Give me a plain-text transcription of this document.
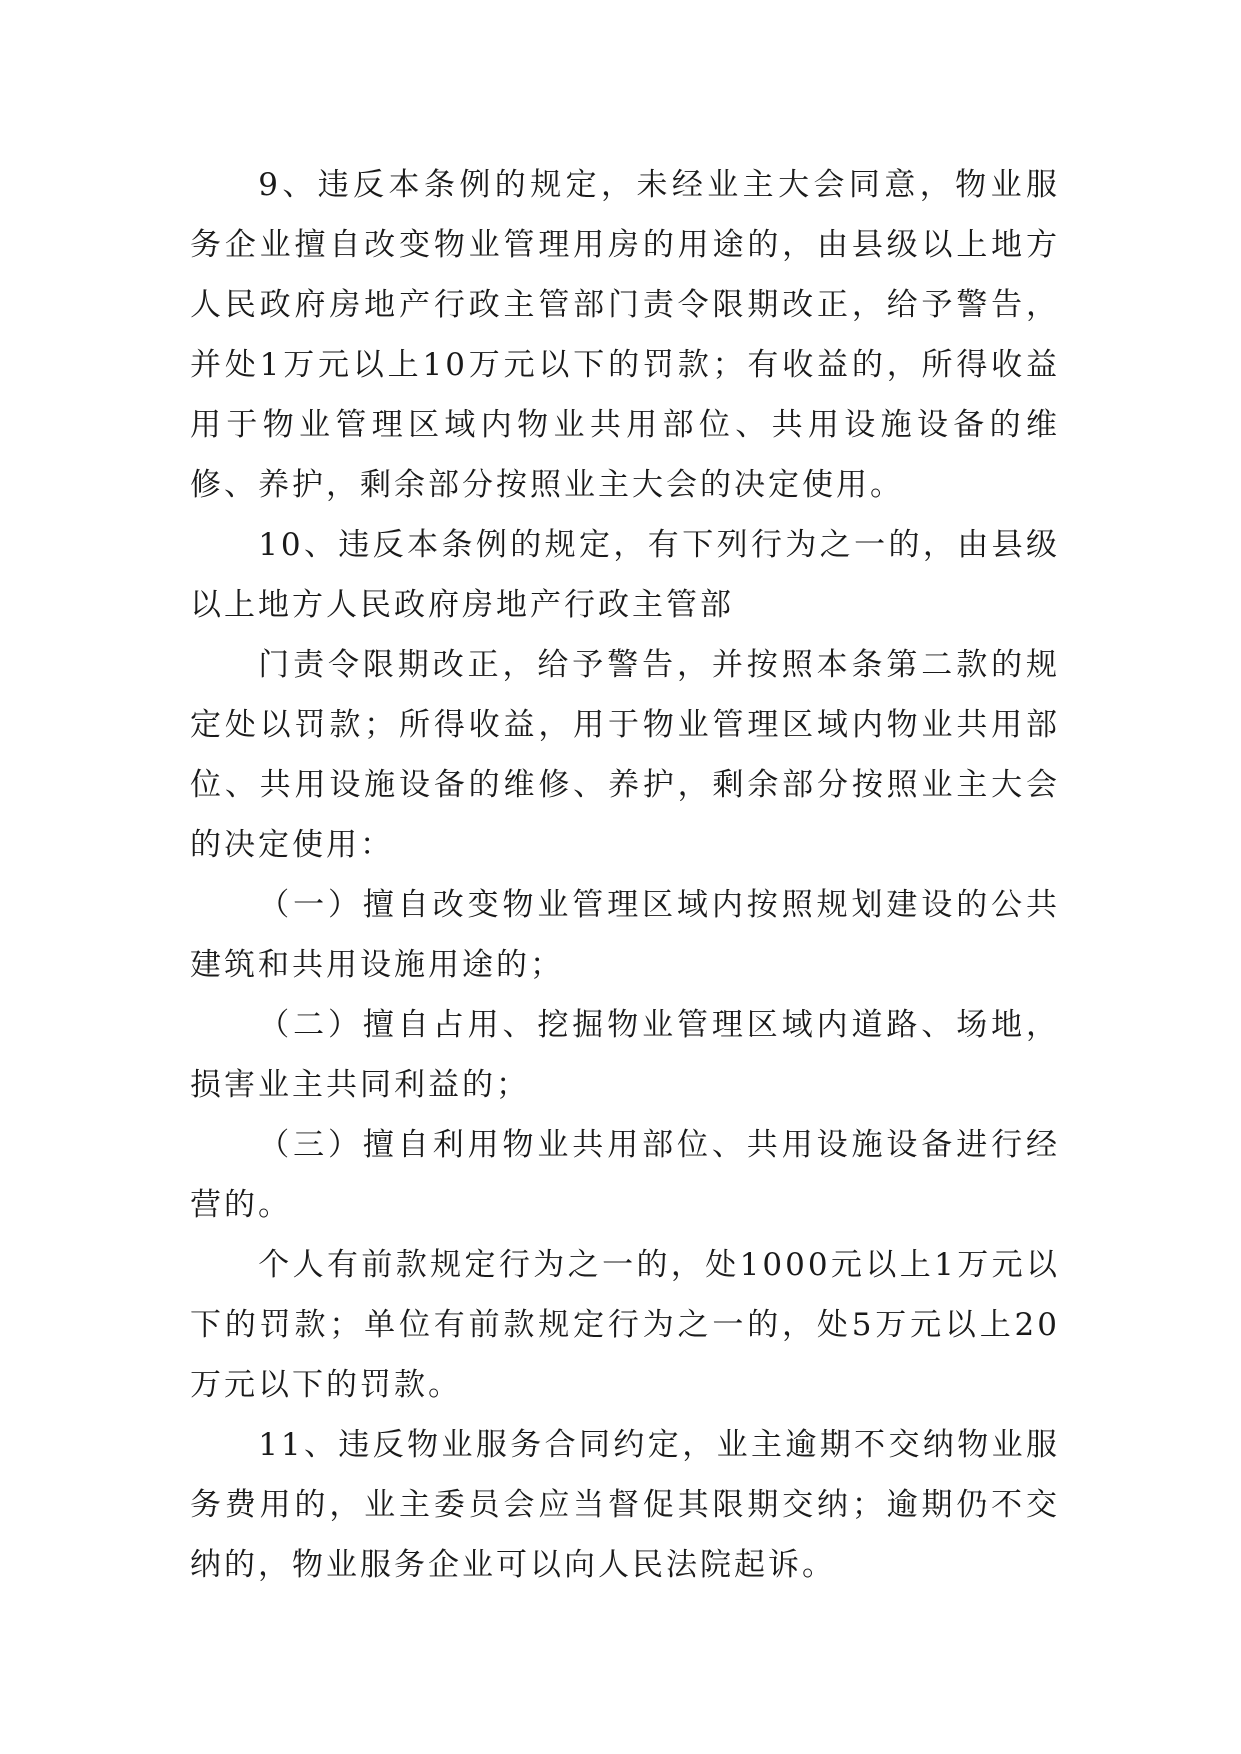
9、违反本条例的规定，未经业主大会同意，物业服务企业擅自改变物业管理用房的用途的，由县级以上地方人民政府房地产行政主管部门责令限期改正，给予警告，并处1万元以上10万元以下的罚款；有收益的，所得收益用于物业管理区域内物业共用部位、共用设施设备的维修、养护，剩余部分按照业主大会的决定使用。

10、违反本条例的规定，有下列行为之一的，由县级以上地方人民政府房地产行政主管部

门责令限期改正，给予警告，并按照本条第二款的规定处以罚款；所得收益，用于物业管理区域内物业共用部位、共用设施设备的维修、养护，剩余部分按照业主大会的决定使用：

（一）擅自改变物业管理区域内按照规划建设的公共建筑和共用设施用途的；

（二）擅自占用、挖掘物业管理区域内道路、场地，损害业主共同利益的；

（三）擅自利用物业共用部位、共用设施设备进行经营的。

个人有前款规定行为之一的，处1000元以上1万元以下的罚款；单位有前款规定行为之一的，处5万元以上20万元以下的罚款。

11、违反物业服务合同约定，业主逾期不交纳物业服务费用的，业主委员会应当督促其限期交纳；逾期仍不交纳的，物业服务企业可以向人民法院起诉。
